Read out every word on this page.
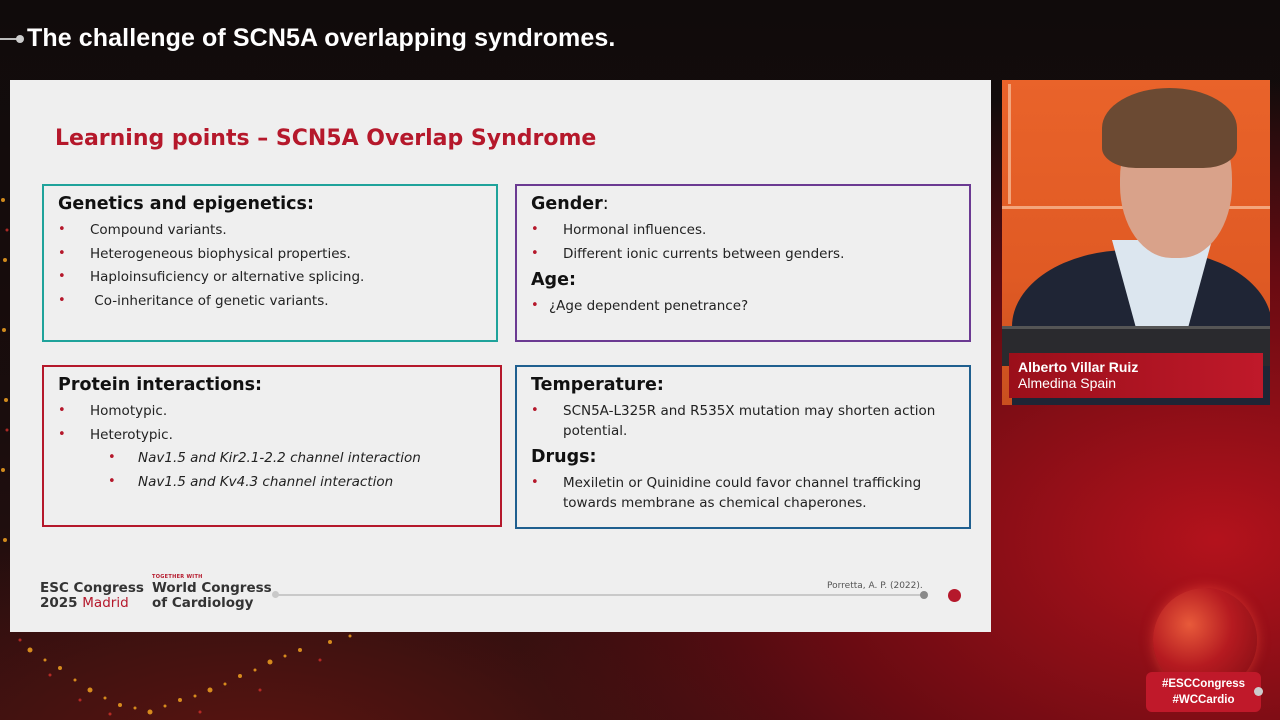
The challenge of SCN5A overlapping syndromes.
Learning points – SCN5A Overlap Syndrome
Genetics and epigenetics:
• Compound variants.
• Heterogeneous biophysical properties.
• Haploinsuficiency or alternative splicing.
•  Co-inheritance of genetic variants.
Gender:
• Hormonal influences.
• Different ionic currents between genders.
Age:
• ¿Age dependent penetrance?
Protein interactions:
• Homotypic.
• Heterotypic.
• Nav1.5 and Kir2.1-2.2 channel interaction
• Nav1.5 and Kv4.3 channel interaction
Temperature:
• SCN5A-L325R and R535X mutation may shorten action potential.
Drugs:
• Mexiletin or Quinidine could favor channel trafficking towards membrane as chemical chaperones.
ESC Congress
2025 Madrid
TOGETHER WITH
World Congress
of Cardiology
Porretta, A. P. (2022).
Alberto Villar Ruiz
Almedina Spain
#ESCCongress
#WCCardio
